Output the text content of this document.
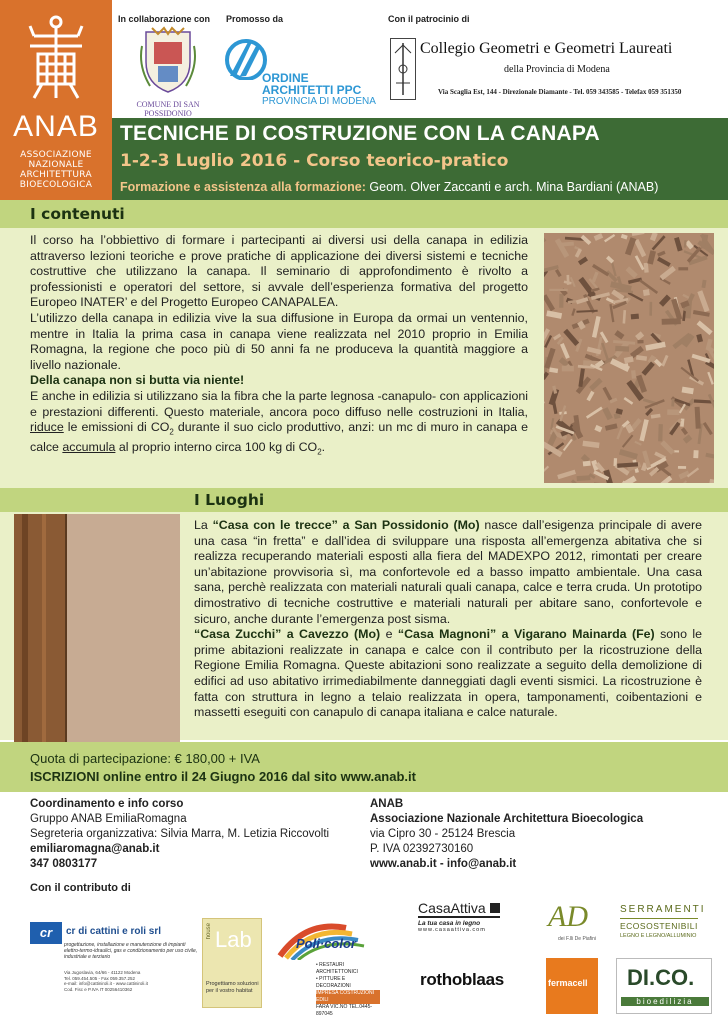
ANAB
ASSOCIAZIONE
NAZIONALE
ARCHITETTURA
BIOECOLOGICA
In collaborazione con Promosso da	Con il patrocinio di
COMUNE DI SAN POSSIDONIO
ORDINE
ARCHITETTI PPC
PROVINCIA DI MODENA
Collegio Geometri e Geometri Laureati
della Provincia di Modena
Via Scaglia Est, 144 - Direzionale Diamante - Tel. 059 343585 - Telefax 059 351350
TECNICHE DI COSTRUZIONE CON LA CANAPA
1-2-3 Luglio 2016 - Corso teorico-pratico
Formazione e assistenza alla formazione: Geom. Olver Zaccanti e arch. Mina Bardiani (ANAB)
I contenuti
Il corso ha l’obbiettivo di formare i partecipanti ai diversi usi della canapa in edilizia attraverso lezioni teoriche e prove pratiche di applicazione dei diversi sistemi e tecniche costruttive che utilizzano la canapa. Il seminario di approfondimento è rivolto a professionisti e operatori del settore, si avvale dell’esperienza formativa del progetto Europeo INATER’ e del Progetto Europeo CANAPALEA.
L’utilizzo della canapa in edilizia vive la sua diffusione in Europa da ormai un ventennio, mentre in Italia la prima casa in canapa viene realizzata nel 2010 proprio in Emilia Romagna, la regione che poco più di 50 anni fa ne produceva la quantità maggiore a livello nazionale.
Della canapa non si butta via niente!
E anche in edilizia si utilizzano sia la fibra che la parte legnosa -canapulo- con applicazioni e prestazioni differenti. Questo materiale, ancora poco diffuso nelle costruzioni in Italia, riduce le emissioni di $CO_2$ durante il suo ciclo produttivo, anzi: un mc di muro in canapa e calce accumula al proprio interno circa 100 kg di $CO_2$.
I Luoghi
La “Casa con le trecce” a San Possidonio (Mo) nasce dall’esigenza principale di avere una casa “in fretta” e dall’idea di sviluppare una risposta all’emergenza abitativa che si realizza recuperando materiali esposti alla fiera del MADEXPO 2012, rimontati per creare un’abitazione provvisoria sì, ma confortevole ed a basso impatto ambientale. Una casa sana, perchè realizzata con materiali naturali quali canapa, calce e terra cruda. Un prototipo dimostrativo di tecniche costruttive e materiali naturali per abitare sano, confortevole e sicuro, anche durante l’emergenza post sisma.
“Casa Zucchi” a Cavezzo (Mo) e “Casa Magnoni” a Vigarano Mainarda (Fe) sono le prime abitazioni realizzate in canapa e calce con il contributo per la ricostruzione della Regione Emilia Romagna. Queste abitazioni sono realizzate a seguito della demolizione di edifici ad uso abitativo irrimediabilmente danneggiati dagli eventi sismici. La ricostruzione è fatta con struttura in legno a telaio realizzata in opera, tamponamenti, coibentazioni e massetti eseguiti con canapulo di canapa italiana e calce naturale.
Quota di partecipazione: € 180,00 + IVA
ISCRIZIONI online entro il 24 Giugno 2016 dal sito www.anab.it
Coordinamento e info corso
Gruppo ANAB EmiliaRomagna
Segreteria organizzativa: Silvia Marra, M. Letizia Riccovolti
emiliaromagna@anab.it
347 0803177
ANAB
Associazione Nazionale Architettura Bioecologica
via Cipro 30 - 25124 Brescia
P. IVA 02392730160
www.anab.it - info@anab.it
Con il contributo di
cr	cr di cattini e roli srl
progettazione, installazione e manutenzione di impianti elettro-termo-idraulici, gas e condizionamento per uso civile, industriale e terziario
Via Jugoslavia, 64/66 - 41122 Modena
Tel. 059.454.505 - Fax 059.357.252
e-mail: info@cattiniroli.it - www.cattiniroli.it
Cod. Fisc e P.IVA IT 00256410362
house Lab
Progettiamo soluzioni per il vostro habitat
Poli·color
• RESTAURI ARCHITETTONICI
• PITTURE E DECORAZIONI
IMPRESA COSTRUZIONI EDILI
FARA VIC.NO TEL.0445-897045
CasaAttiva
La tua casa in legno
www.casaattiva.com
rothoblaas
AD
dei F.lli De Piafini
SERRAMENTI
ECOSOSTENIBILI
LEGNO E LEGNO/ALLUMINIO
fermacell DI.CO.
bioedilizia
